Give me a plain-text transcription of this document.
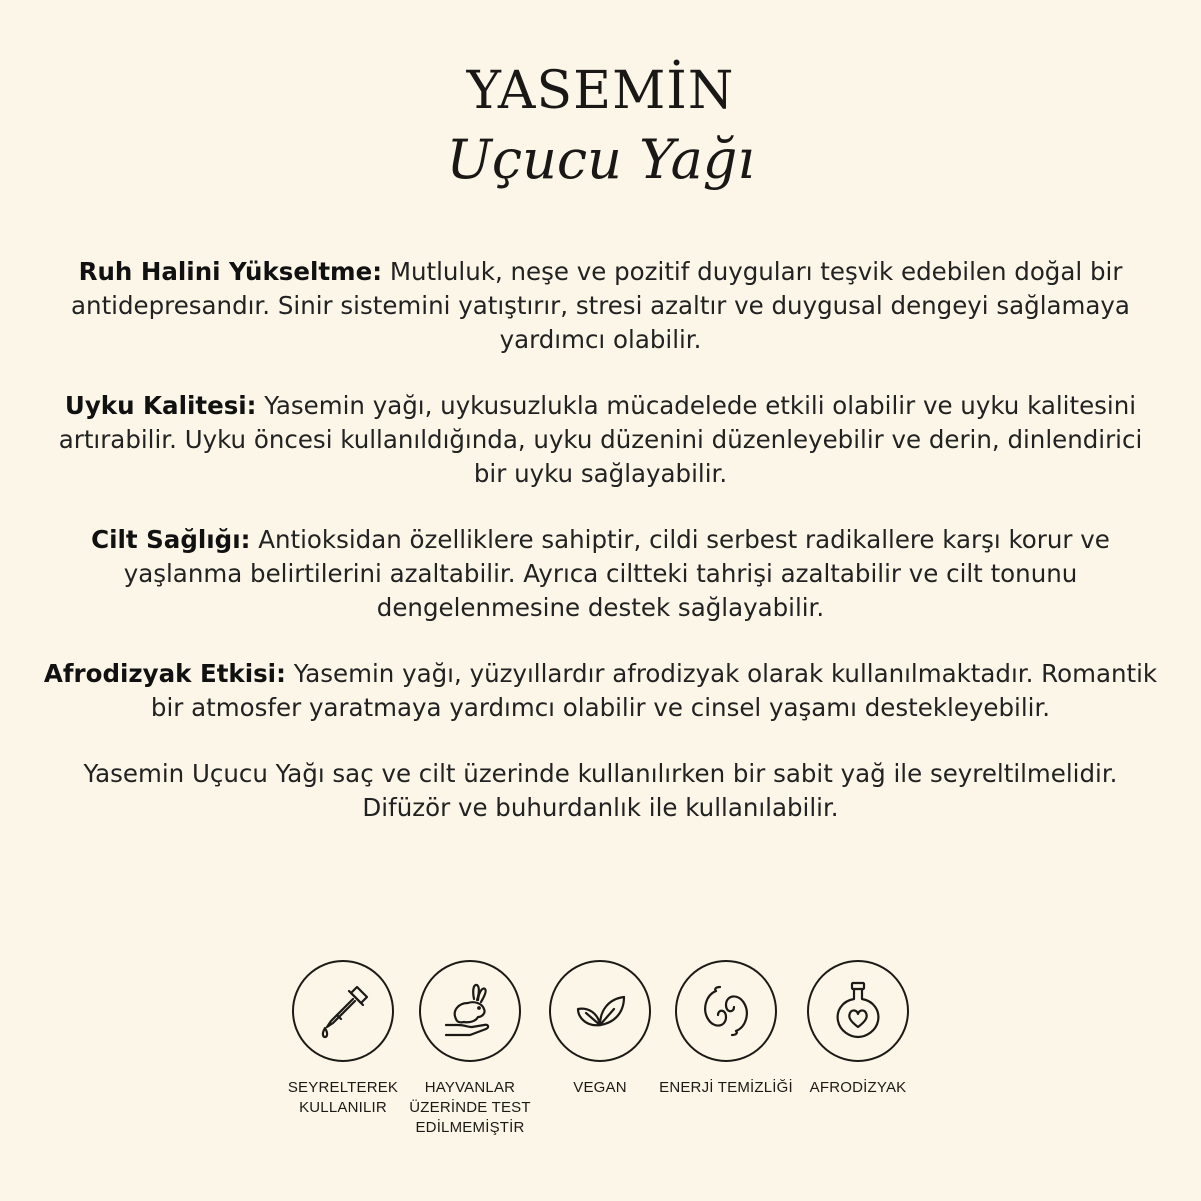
YASEMİN
Uçucu Yağı
Ruh Halini Yükseltme: Mutluluk, neşe ve pozitif duyguları teşvik edebilen doğal bir antidepresandır. Sinir sistemini yatıştırır, stresi azaltır ve duygusal dengeyi sağlamaya yardımcı olabilir.
Uyku Kalitesi: Yasemin yağı, uykusuzlukla mücadelede etkili olabilir ve uyku kalitesini artırabilir. Uyku öncesi kullanıldığında, uyku düzenini düzenleyebilir ve derin, dinlendirici bir uyku sağlayabilir.
Cilt Sağlığı: Antioksidan özelliklere sahiptir, cildi serbest radikallere karşı korur ve yaşlanma belirtilerini azaltabilir. Ayrıca ciltteki tahrişi azaltabilir ve cilt tonunu dengelenmesine destek sağlayabilir.
Afrodizyak Etkisi: Yasemin yağı, yüzyıllardır afrodizyak olarak kullanılmaktadır. Romantik bir atmosfer yaratmaya yardımcı olabilir ve cinsel yaşamı destekleyebilir.

Yasemin Uçucu Yağı saç ve cilt üzerinde kullanılırken bir sabit yağ ile seyreltilmelidir.

Difüzör ve buhurdanlık ile kullanılabilir.

SEYRELTEREK KULLANILIR
HAYVANLAR ÜZERİNDE TEST EDİLMEMİŞTİR
VEGAN	ENERJİ TEMİZLİĞİ	AFRODİZYAK
